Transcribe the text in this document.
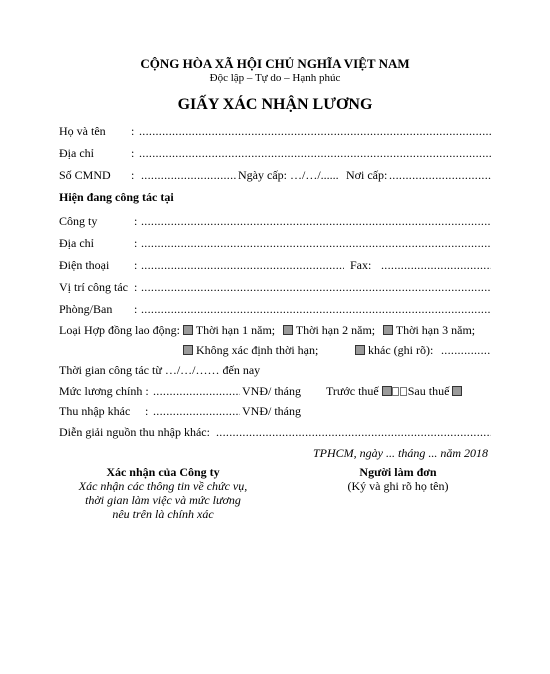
CỘNG HÒA XÃ HỘI CHỦ NGHĨA VIỆT NAM
Độc lập – Tự do – Hạnh phúc
GIẤY XÁC NHẬN LƯƠNG
Họ và tên :
.....
Địa chỉ	:
.....
Số CMND : .....	Ngày cấp: …/…/...... Nơi cấp:
.....
Hiện đang công tác tại
Công ty	:
.....
Địa chỉ	:
.....
Điện thoại : .....	Fax:
.....
Vị trí công tác :
.....
Phòng/Ban :
.....
Loại Hợp đồng lao động:	Thời hạn 1 năm;	Thời hạn 2 năm;	Thời hạn 3 năm;
Không xác định thời hạn;	khác (ghi rõ):
.....
Thời gian công tác từ …/…/…… đến nay
Mức lương chính : .....	VNĐ/ tháng Trước thuế Sau thuế
Thu nhập khác : .....	VNĐ/ tháng
Diễn giải nguồn thu nhập khác:
.....
TPHCM, ngày ... tháng ... năm 2018
Xác nhận của Công ty
Xác nhận các thông tin về chức vụ,
thời gian làm việc và mức lương
nêu trên là chính xác
Người làm đơn
(Ký và ghi rõ họ tên)
